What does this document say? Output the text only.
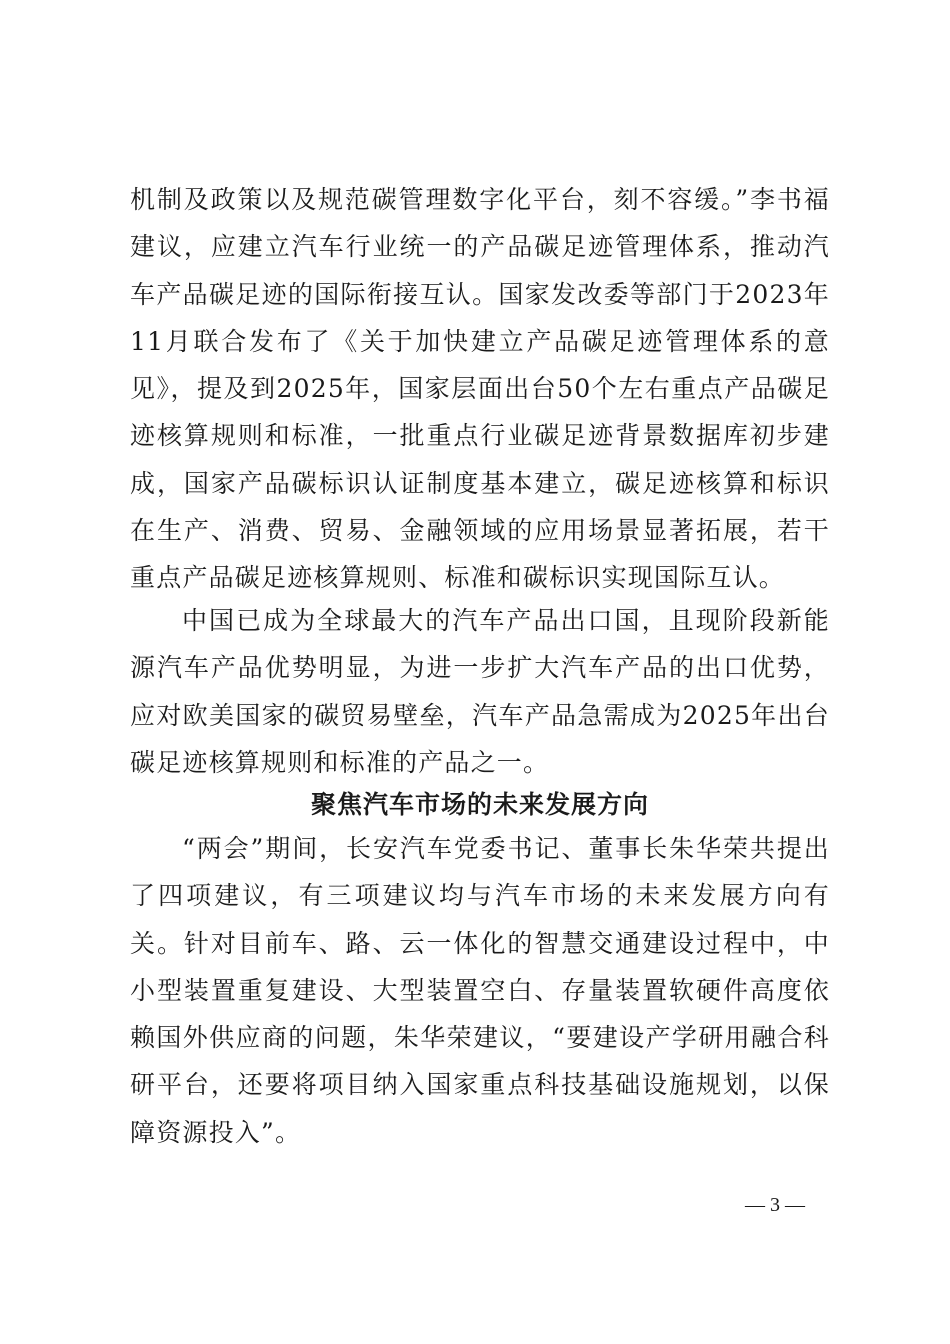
机制及政策以及规范碳管理数字化平台，刻不容缓。”李书福建议，应建立汽车行业统一的产品碳足迹管理体系，推动汽车产品碳足迹的国际衔接互认。国家发改委等部门于2023年11月联合发布了《关于加快建立产品碳足迹管理体系的意见》，提及到2025年，国家层面出台50个左右重点产品碳足迹核算规则和标准，一批重点行业碳足迹背景数据库初步建成，国家产品碳标识认证制度基本建立，碳足迹核算和标识在生产、消费、贸易、金融领域的应用场景显著拓展，若干重点产品碳足迹核算规则、标准和碳标识实现国际互认。

中国已成为全球最大的汽车产品出口国，且现阶段新能源汽车产品优势明显，为进一步扩大汽车产品的出口优势，应对欧美国家的碳贸易壁垒，汽车产品急需成为2025年出台碳足迹核算规则和标准的产品之一。

聚焦汽车市场的未来发展方向

“两会”期间，长安汽车党委书记、董事长朱华荣共提出了四项建议，有三项建议均与汽车市场的未来发展方向有关。针对目前车、路、云一体化的智慧交通建设过程中，中小型装置重复建设、大型装置空白、存量装置软硬件高度依赖国外供应商的问题，朱华荣建议，“要建设产学研用融合科研平台，还要将项目纳入国家重点科技基础设施规划，以保障资源投入”。

— 3 —
